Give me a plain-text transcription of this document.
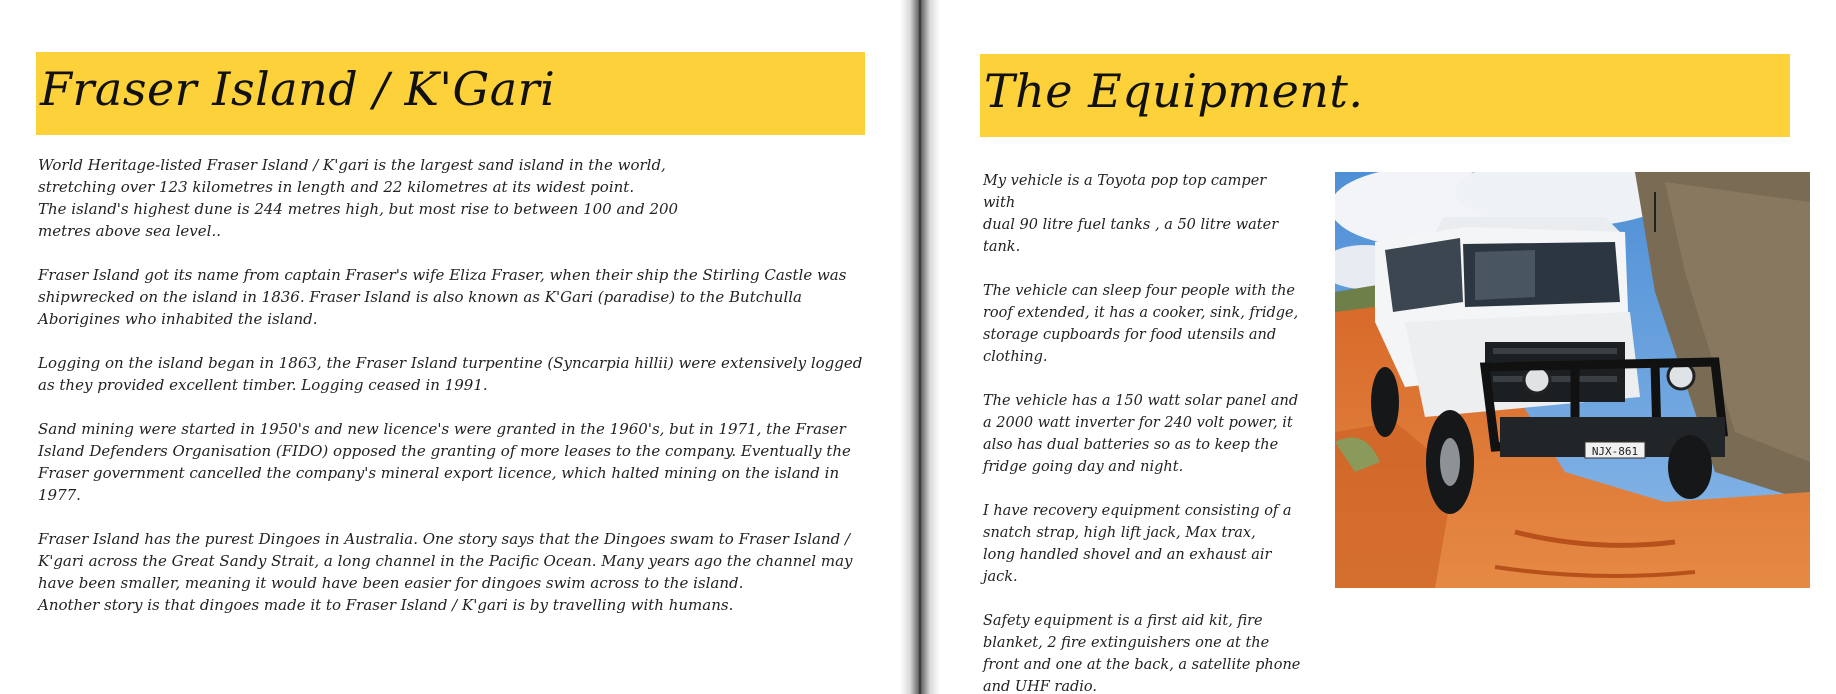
Fraser Island / K'Gari

World Heritage-listed Fraser Island / K'gari is the largest sand island in the world,
stretching over 123 kilometres in length and 22 kilometres at its widest point.
The island's highest dune is 244 metres high, but most rise to between 100 and 200
metres above sea level..

Fraser Island got its name from captain Fraser's wife Eliza Fraser, when their ship the Stirling Castle was
shipwrecked on the island in 1836. Fraser Island is also known as K'Gari (paradise) to the Butchulla
Aborigines who inhabited the island.

Logging on the island began in 1863, the Fraser Island turpentine (Syncarpia hillii) were extensively logged
as they provided excellent timber. Logging ceased in 1991.

Sand mining were started in 1950's and new licence's were granted in the 1960's, but in 1971, the Fraser
Island Defenders Organisation (FIDO) opposed the granting of more leases to the company. Eventually the
Fraser government cancelled the company's mineral export licence, which halted mining on the island in
1977.

Fraser Island has the purest Dingoes in Australia. One story says that the Dingoes swam to Fraser Island /
K'gari across the Great Sandy Strait, a long channel in the Pacific Ocean. Many years ago the channel may
have been smaller, meaning it would have been easier for dingoes swim across to the island.
Another story is that dingoes made it to Fraser Island / K'gari is by travelling with humans.

The Equipment.

My vehicle is a Toyota pop top camper with
dual 90 litre fuel tanks , a 50 litre water
tank.

The vehicle can sleep four people with the
roof extended, it has a cooker, sink, fridge,
storage cupboards for food utensils and
clothing.

The vehicle has a 150 watt solar panel and
a 2000 watt inverter for 240 volt power, it
also has dual batteries so as to keep the
fridge going day and night.

I have recovery equipment consisting of a
snatch strap, high lift jack, Max trax,
long handled shovel and an exhaust air
jack.

Safety equipment is a first aid kit, fire
blanket, 2 fire extinguishers one at the
front and one at the back, a satellite phone
and UHF radio.

NJX-861
